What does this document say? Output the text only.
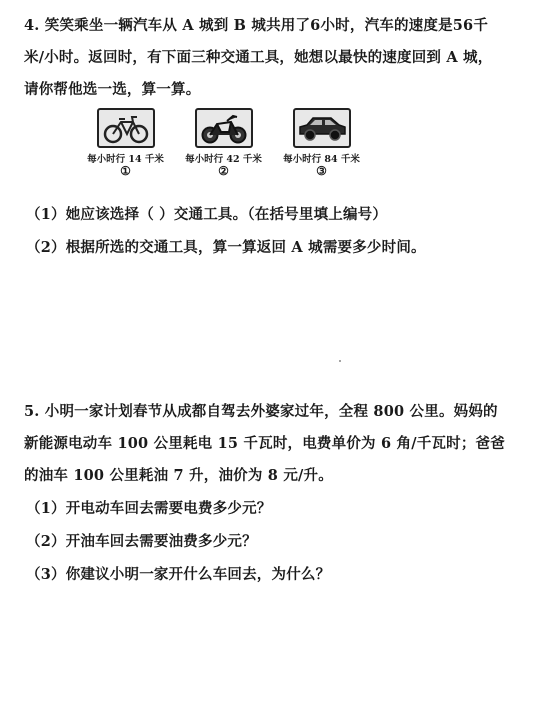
4. 笑笑乘坐一辆汽车从 A 城到 B 城共用了6小时，汽车的速度是56千
米/小时。返回时，有下面三种交通工具，她想以最快的速度回到 A 城，
请你帮他选一选，算一算。
每小时行 14 千米
①
每小时行 42 千米
②
每小时行 84 千米
③
（1）她应该选择（ ）交通工具。（在括号里填上编号）
（2）根据所选的交通工具，算一算返回 A 城需要多少时间。
5. 小明一家计划春节从成都自驾去外婆家过年，全程 800 公里。妈妈的
新能源电动车 100 公里耗电 15 千瓦时，电费单价为 6 角/千瓦时；爸爸
的油车 100 公里耗油 7 升，油价为 8 元/升。
（1）开电动车回去需要电费多少元？
（2）开油车回去需要油费多少元？
（3）你建议小明一家开什么车回去，为什么？
